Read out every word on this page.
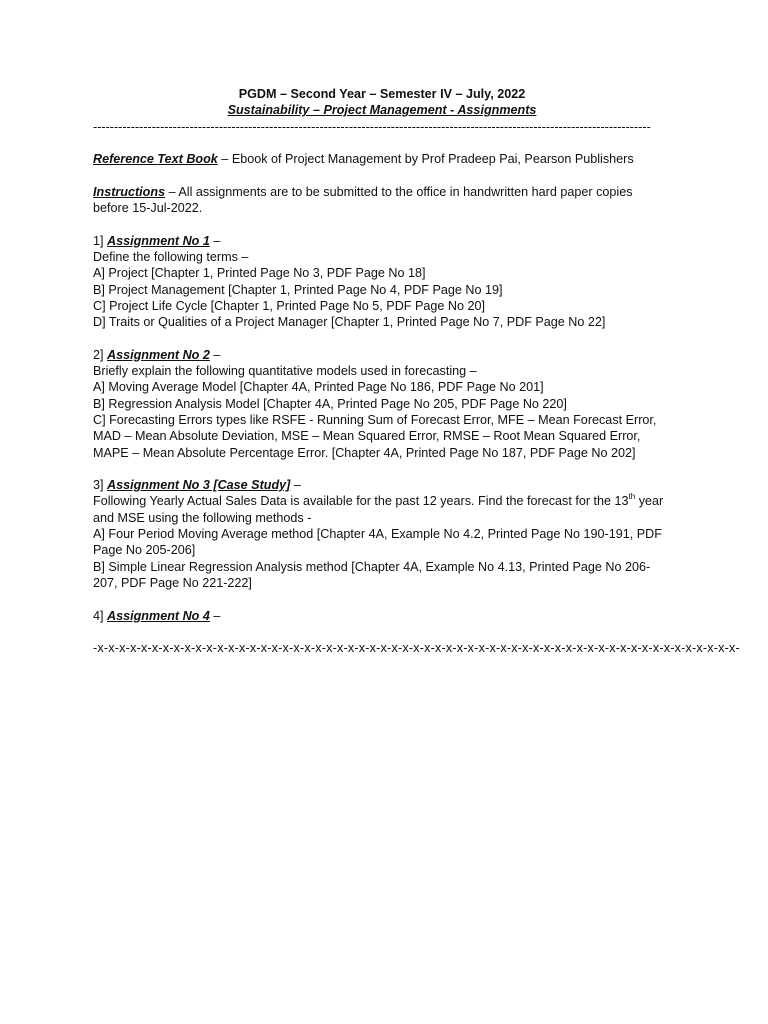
PGDM – Second Year – Semester IV – July, 2022
Sustainability – Project Management - Assignments
-------------------------------------------------------------------------------------------------------------------------------------
Reference Text Book – Ebook of Project Management by Prof Pradeep Pai, Pearson Publishers
Instructions – All assignments are to be submitted to the office in handwritten hard paper copies before 15-Jul-2022.
1] Assignment No 1 –
Define the following terms –
A] Project [Chapter 1, Printed Page No 3, PDF Page No 18]
B] Project Management [Chapter 1, Printed Page No 4, PDF Page No 19]
C] Project Life Cycle [Chapter 1, Printed Page No 5, PDF Page No 20]
D] Traits or Qualities of a Project Manager [Chapter 1, Printed Page No 7, PDF Page No 22]
2] Assignment No 2 –
Briefly explain the following quantitative models used in forecasting –
A] Moving Average Model [Chapter 4A, Printed Page No 186, PDF Page No 201]
B] Regression Analysis Model [Chapter 4A, Printed Page No 205, PDF Page No 220]
C] Forecasting Errors types like RSFE - Running Sum of Forecast Error, MFE – Mean Forecast Error, MAD – Mean Absolute Deviation, MSE – Mean Squared Error, RMSE – Root Mean Squared Error, MAPE – Mean Absolute Percentage Error. [Chapter 4A, Printed Page No 187, PDF Page No 202]
3] Assignment No 3 [Case Study] –
Following Yearly Actual Sales Data is available for the past 12 years. Find the forecast for the 13th year and MSE using the following methods -
A] Four Period Moving Average method [Chapter 4A, Example No 4.2, Printed Page No 190-191, PDF Page No 205-206]
B] Simple Linear Regression Analysis method [Chapter 4A, Example No 4.13, Printed Page No 206-207, PDF Page No 221-222]
4] Assignment No 4 –
-x-x-x-x-x-x-x-x-x-x-x-x-x-x-x-x-x-x-x-x-x-x-x-x-x-x-x-x-x-x-x-x-x-x-x-x-x-x-x-x-x-x-x-x-x-x-x-x-x-x-x-x-x-x-x-x-x-x-x-
